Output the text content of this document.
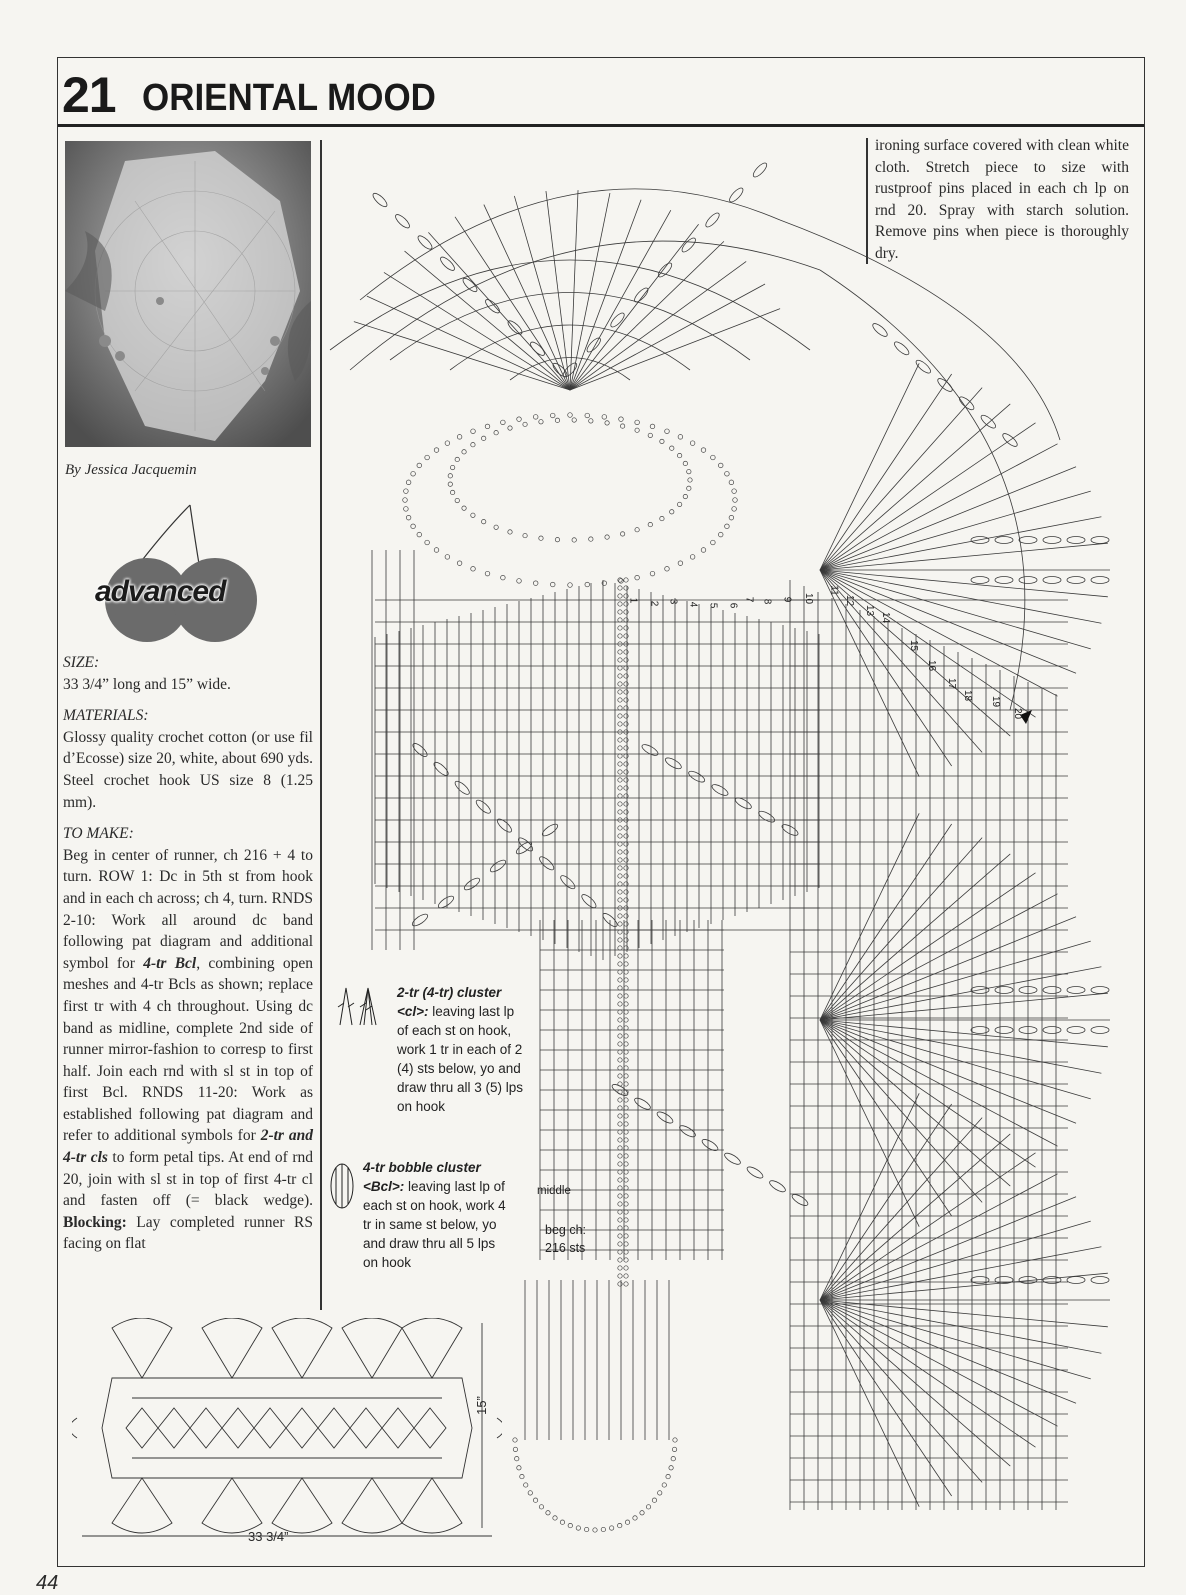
21 ORIENTAL MOOD
By Jessica Jacquemin
advanced

SIZE:

33 3/4” long and 15” wide.

MATERIALS:

Glossy quality crochet cotton (or use fil d’Ecosse) size 20, white, about 690 yds. Steel crochet hook US size 8 (1.25 mm).

TO MAKE:

Beg in center of runner, ch 216 + 4 to turn. ROW 1: Dc in 5th st from hook and in each ch across; ch 4, turn. RNDS 2-10: Work all around dc band following pat diagram and additional symbol for 4-tr Bcl, combining open meshes and 4-tr Bcls as shown; replace first tr with 4 ch throughout. Using dc band as midline, complete 2nd side of runner mirror-fashion to corresp to first half. Join each rnd with sl st in top of first Bcl. RNDS 11-20: Work as established following pat diagram and refer to additional symbols for 2-tr and 4-tr cls to form petal tips. At end of rnd 20, join with sl st in top of first 4-tr cl and fasten off (= black wedge). Blocking: Lay completed runner RS facing on flat

ironing surface covered with clean white cloth. Stretch piece to size with rustproof pins placed in each ch lp on rnd 20. Spray with starch solution. Remove pins when piece is thoroughly dry.
1
2 3
4 5 6
7 8 9 10
11
12
13
14
15
16
17
18
19
20
2-tr (4-tr) cluster
<cl>: leaving last lp of each st on hook, work 1 tr in each of 2 (4) sts below, yo and draw thru all 3 (5) lps on hook
4-tr bobble cluster
<Bcl>: leaving last lp of each st on hook, work 4 tr in same st below, yo and draw thru all 5 lps on hook
middle
beg ch:
216 sts
33 3/4”
15”
44
